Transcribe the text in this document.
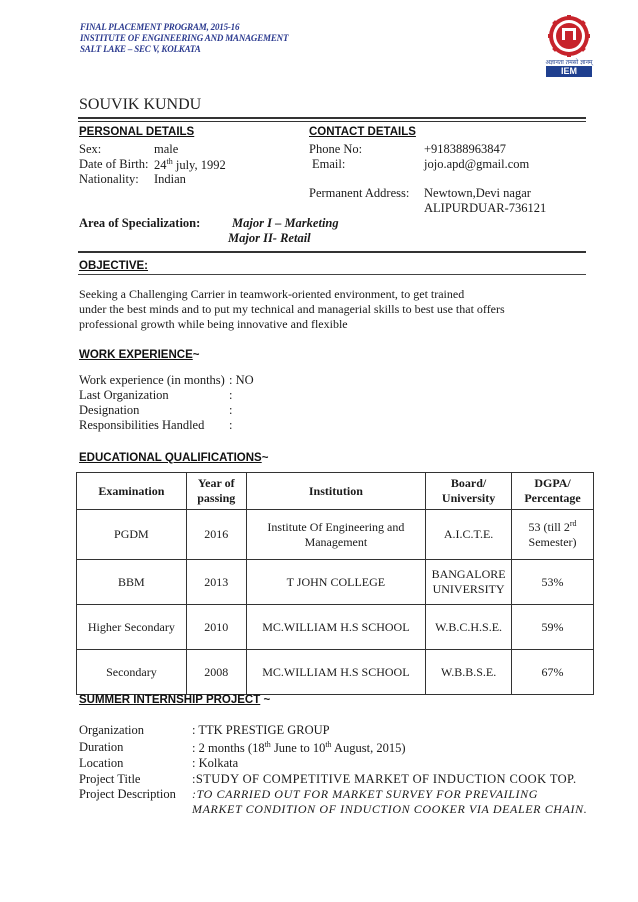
FINAL PLACEMENT PROGRAM, 2015-16
INSTITUTE OF ENGINEERING AND MANAGEMENT
SALT LAKE – SEC V, KOLKATA
अज्ञानता तमसो ज्ञानम्
IEM
SOUVIK KUNDU
PERSONAL DETAILS	CONTACT DETAILS
Sex:	male
Date of Birth: 24th july, 1992
Nationality: Indian
Phone No:	+918388963847
Email:	jojo.apd@gmail.com
Permanent Address: Newtown,Devi nagar
ALIPURDUAR-736121
Area of Specialization:	Major I – Marketing
Major II- Retail
OBJECTIVE:
Seeking a Challenging Carrier in teamwork-oriented environment, to get trained
under the best minds and to put my technical and managerial skills to best use that offers
professional growth while being innovative and flexible
WORK EXPERIENCE~
Work experience (in months) : NO
Last Organization	:
Designation	:
Responsibilities Handled :
EDUCATIONAL QUALIFICATIONS~
Examination	Year of passing	Institution	Board/ University	DGPA/ Percentage
PGDM	2016	Institute Of Engineering and Management	A.I.C.T.E.	53 (till 2rd Semester)
BBM	2013	T JOHN COLLEGE	BANGALORE UNIVERSITY	53%
Higher Secondary	2010	MC.WILLIAM H.S SCHOOL	W.B.C.H.S.E.	59%
Secondary	2008	MC.WILLIAM H.S SCHOOL	W.B.B.S.E.	67%
SUMMER INTERNSHIP PROJECT ~
Organization	: TTK PRESTIGE GROUP
Duration	: 2 months (18th June to 10th August, 2015)
Location	: Kolkata
Project Title	:STUDY OF COMPETITIVE MARKET OF INDUCTION COOK TOP.
Project Description :TO CARRIED OUT FOR MARKET SURVEY FOR PREVAILING
MARKET CONDITION OF INDUCTION COOKER VIA DEALER CHAIN.
